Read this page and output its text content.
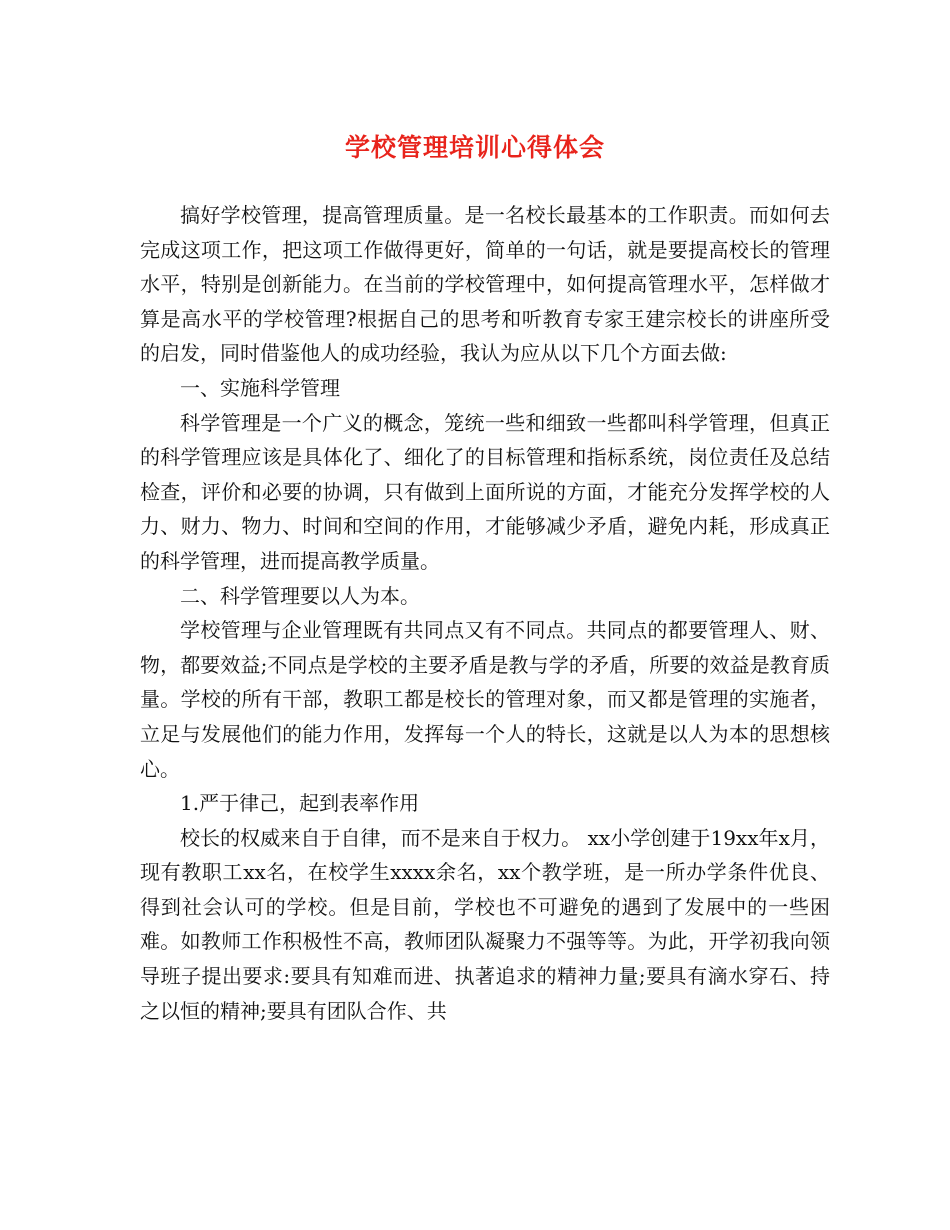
学校管理培训心得体会

搞好学校管理，提高管理质量。是一名校长最基本的工作职责。而如何去完成这项工作，把这项工作做得更好，简单的一句话，就是要提高校长的管理水平，特别是创新能力。在当前的学校管理中，如何提高管理水平，怎样做才算是高水平的学校管理?根据自己的思考和听教育专家王建宗校长的讲座所受的启发，同时借鉴他人的成功经验，我认为应从以下几个方面去做:

一、实施科学管理

科学管理是一个广义的概念，笼统一些和细致一些都叫科学管理，但真正的科学管理应该是具体化了、细化了的目标管理和指标系统，岗位责任及总结检查，评价和必要的协调，只有做到上面所说的方面，才能充分发挥学校的人力、财力、物力、时间和空间的作用，才能够减少矛盾，避免内耗，形成真正的科学管理，进而提高教学质量。

二、科学管理要以人为本。

学校管理与企业管理既有共同点又有不同点。共同点的都要管理人、财、物，都要效益;不同点是学校的主要矛盾是教与学的矛盾，所要的效益是教育质量。学校的所有干部，教职工都是校长的管理对象，而又都是管理的实施者，立足与发展他们的能力作用，发挥每一个人的特长，这就是以人为本的思想核心。

1.严于律己，起到表率作用

校长的权威来自于自律，而不是来自于权力。 xx小学创建于19xx年x月，现有教职工xx名，在校学生xxxx余名，xx个教学班，是一所办学条件优良、得到社会认可的学校。但是目前，学校也不可避免的遇到了发展中的一些困难。如教师工作积极性不高，教师团队凝聚力不强等等。为此，开学初我向领导班子提出要求:要具有知难而进、执著追求的精神力量;要具有滴水穿石、持之以恒的精神;要具有团队合作、共
